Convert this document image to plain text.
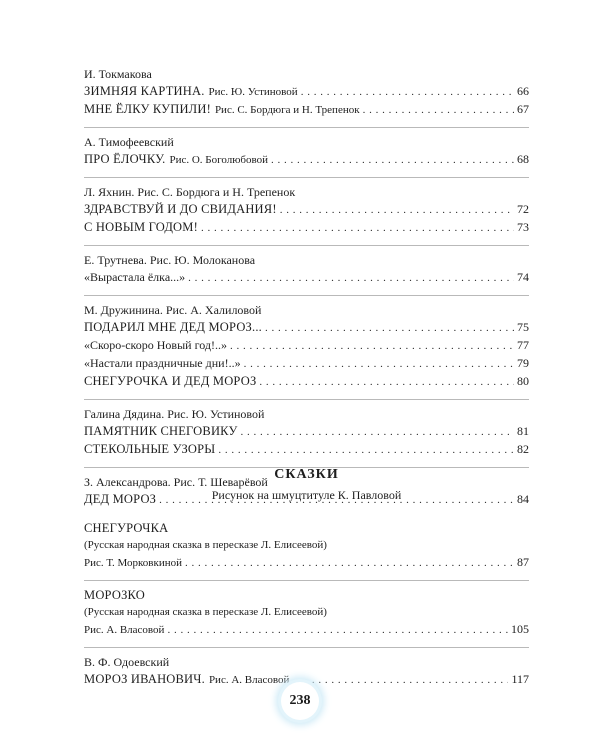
И. Токмакова
ЗИМНЯЯ КАРТИНА. Рис. Ю. Устиновой . . .	66
МНЕ ЁЛКУ КУПИЛИ! Рис. С. Бордюга и Н. Трепенок . . .	67
А. Тимофеевский
ПРО ЁЛОЧКУ. Рис. О. Боголюбовой . . .	68
Л. Яхнин. Рис. С. Бордюга и Н. Трепенок
ЗДРАВСТВУЙ И ДО СВИДАНИЯ! . . .	72
С НОВЫМ ГОДОМ! . . .	73
Е. Трутнева. Рис. Ю. Молоканова
«Вырастала ёлка...» . . .	74
М. Дружинина. Рис. А. Халиловой
ПОДАРИЛ МНЕ ДЕД МОРОЗ... . . .	75
«Скоро-скоро Новый год!..» . . .	77
«Настали праздничные дни!..» . . .	79
СНЕГУРОЧКА И ДЕД МОРОЗ . . .	80
Галина Дядина. Рис. Ю. Устиновой
ПАМЯТНИК СНЕГОВИКУ . . .	81
СТЕКОЛЬНЫЕ УЗОРЫ . . .	82
З. Александрова. Рис. Т. Шеварёвой
ДЕД МОРОЗ . . .	84
СКАЗКИ
Рисунок на шмуцтитуле К. Павловой
СНЕГУРОЧКА
(Русская народная сказка в пересказе Л. Елисеевой)
Рис. Т. Морковкиной . . .	87
МОРОЗКО
(Русская народная сказка в пересказе Л. Елисеевой)
Рис. А. Власовой . . .	105
В. Ф. Одоевский
МОРОЗ ИВАНОВИЧ. Рис. А. Власовой . . .	117
238
